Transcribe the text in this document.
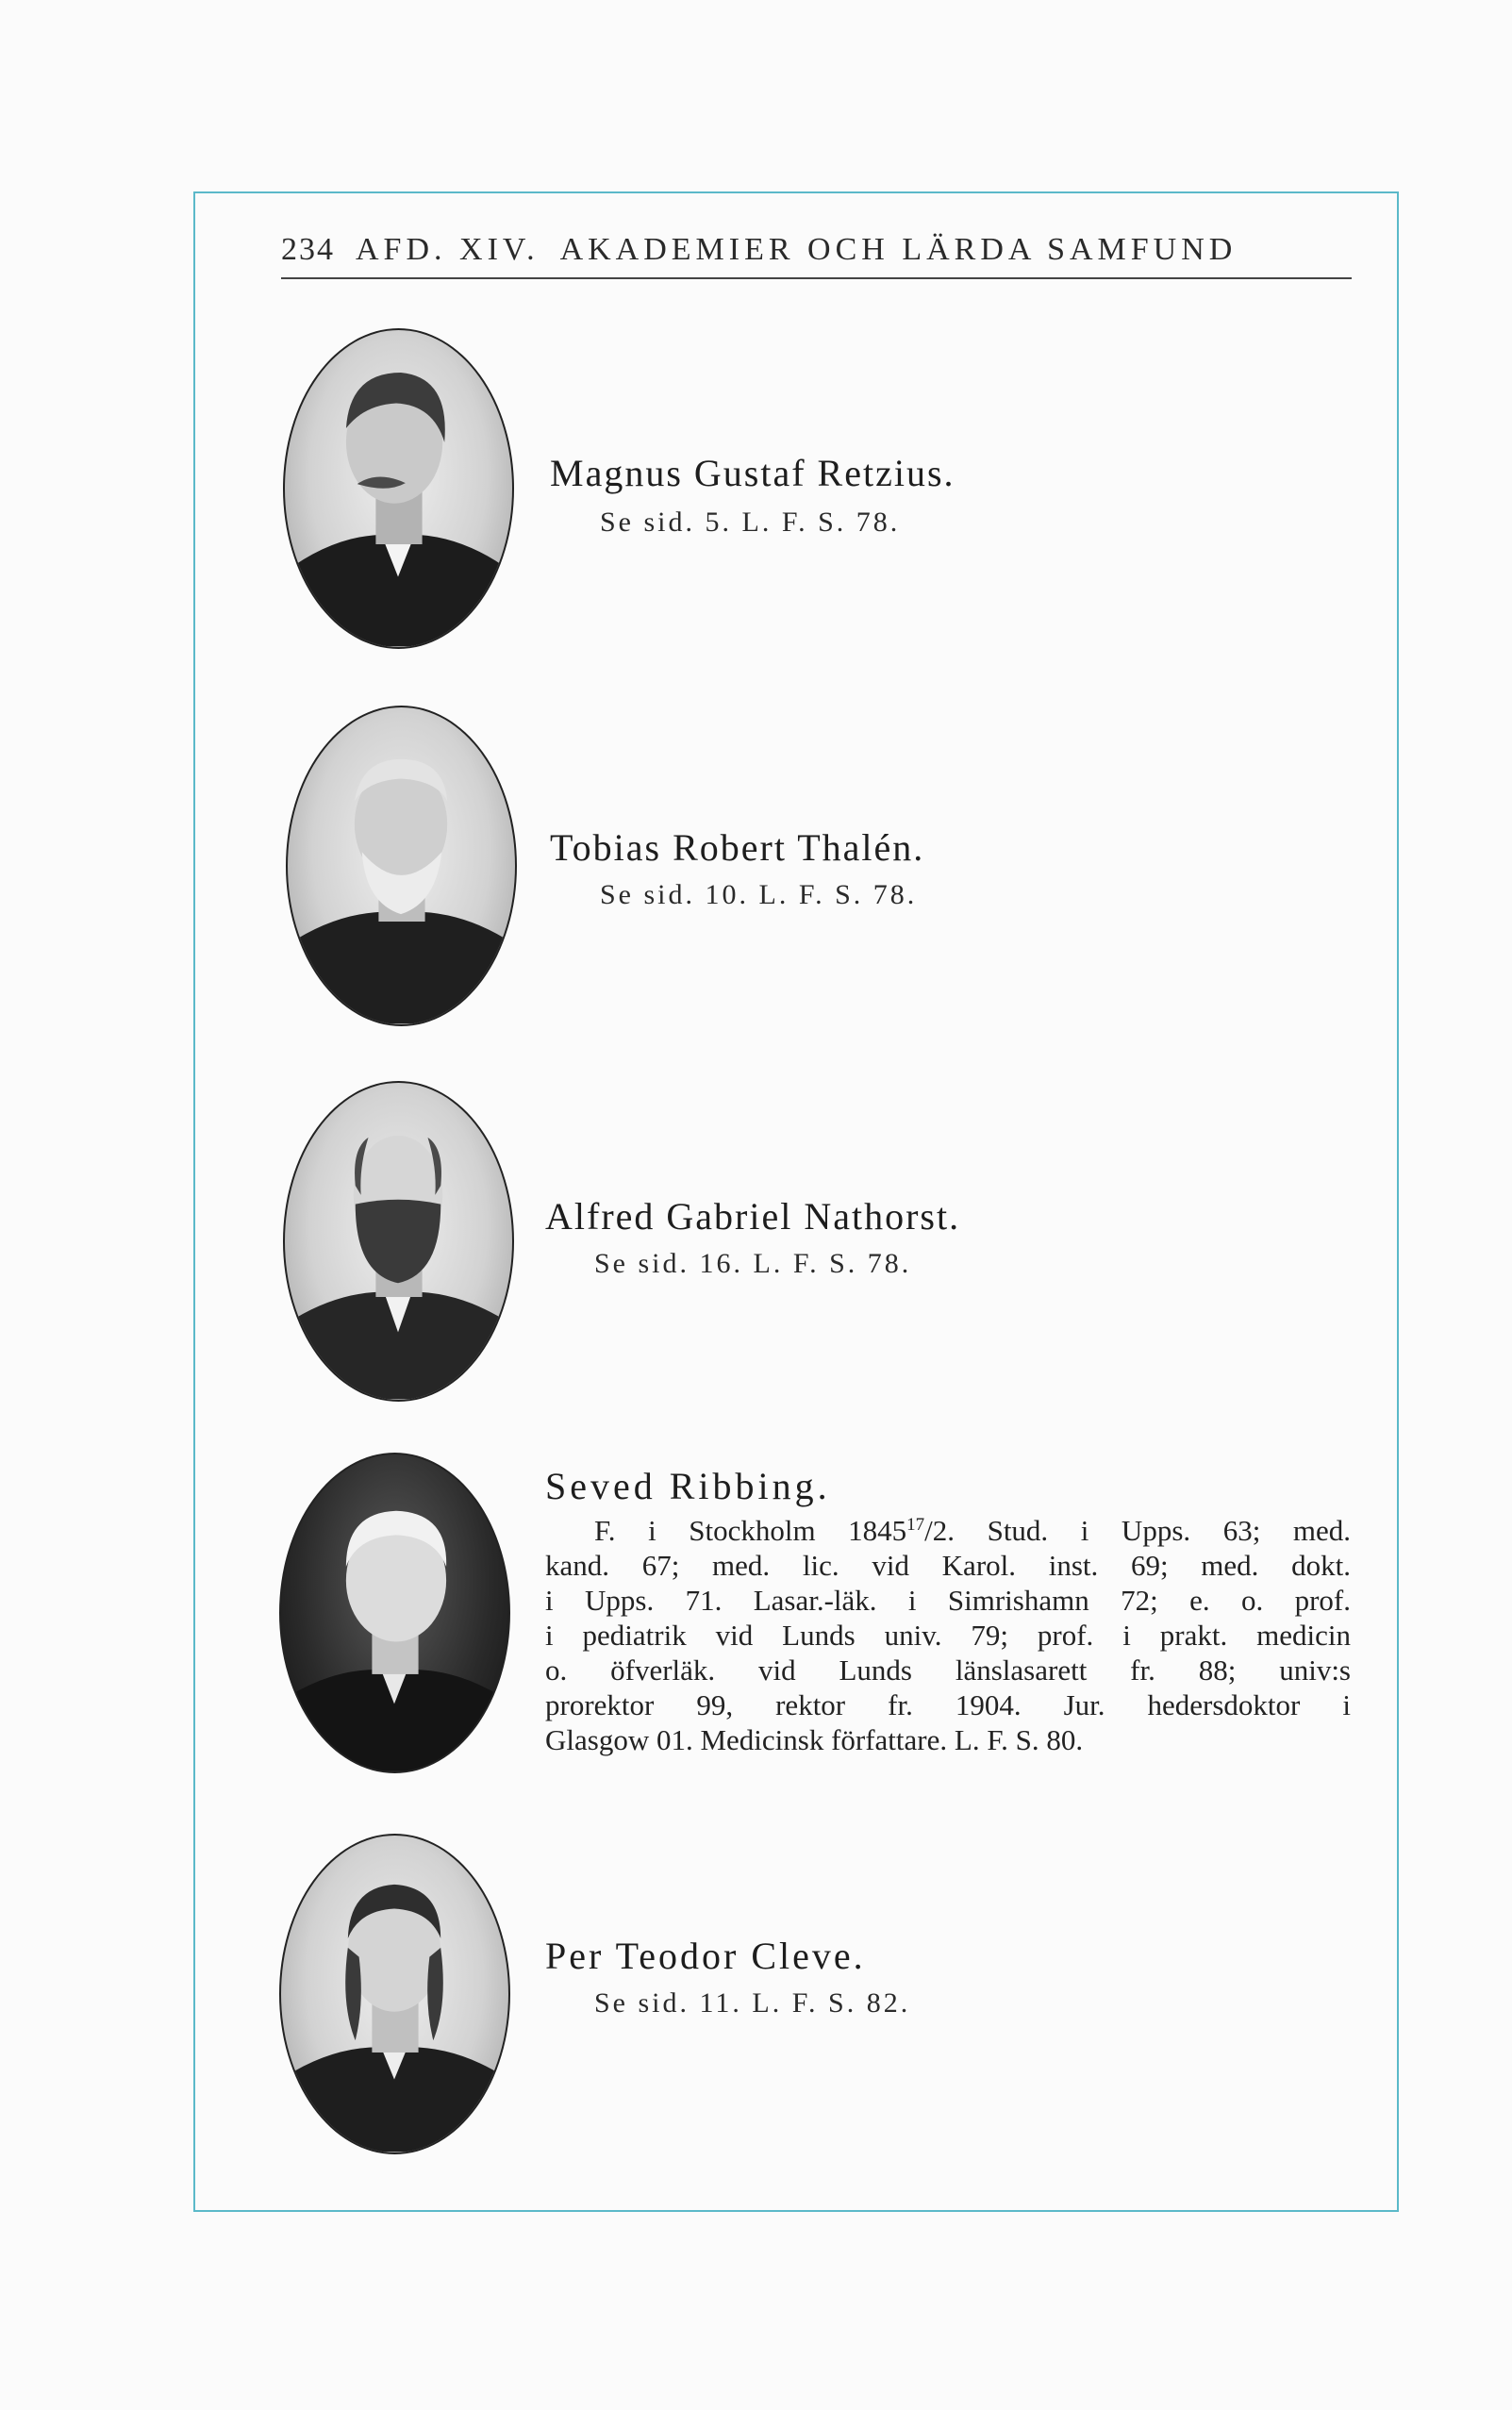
234 AFD. XIV. AKADEMIER OCH LÄRDA SAMFUND
Magnus Gustaf Retzius.
Se sid. 5. L. F. S. 78.
Tobias Robert Thalén.
Se sid. 10. L. F. S. 78.
Alfred Gabriel Nathorst.
Se sid. 16. L. F. S. 78.
Seved Ribbing.
F. i Stockholm 1845$^{17}$/2. Stud. i Upps. 63; med.
kand. 67; med. lic. vid Karol. inst. 69; med. dokt.
i Upps. 71. Lasar.-läk. i Simrishamn 72; e. o. prof.
i pediatrik vid Lunds univ. 79; prof. i prakt. medicin
o. öfverläk. vid Lunds länslasarett fr. 88; univ:s
prorektor 99, rektor fr. 1904. Jur. hedersdoktor i
Glasgow 01. Medicinsk författare. L. F. S. 80.
Per Teodor Cleve.
Se sid. 11. L. F. S. 82.
